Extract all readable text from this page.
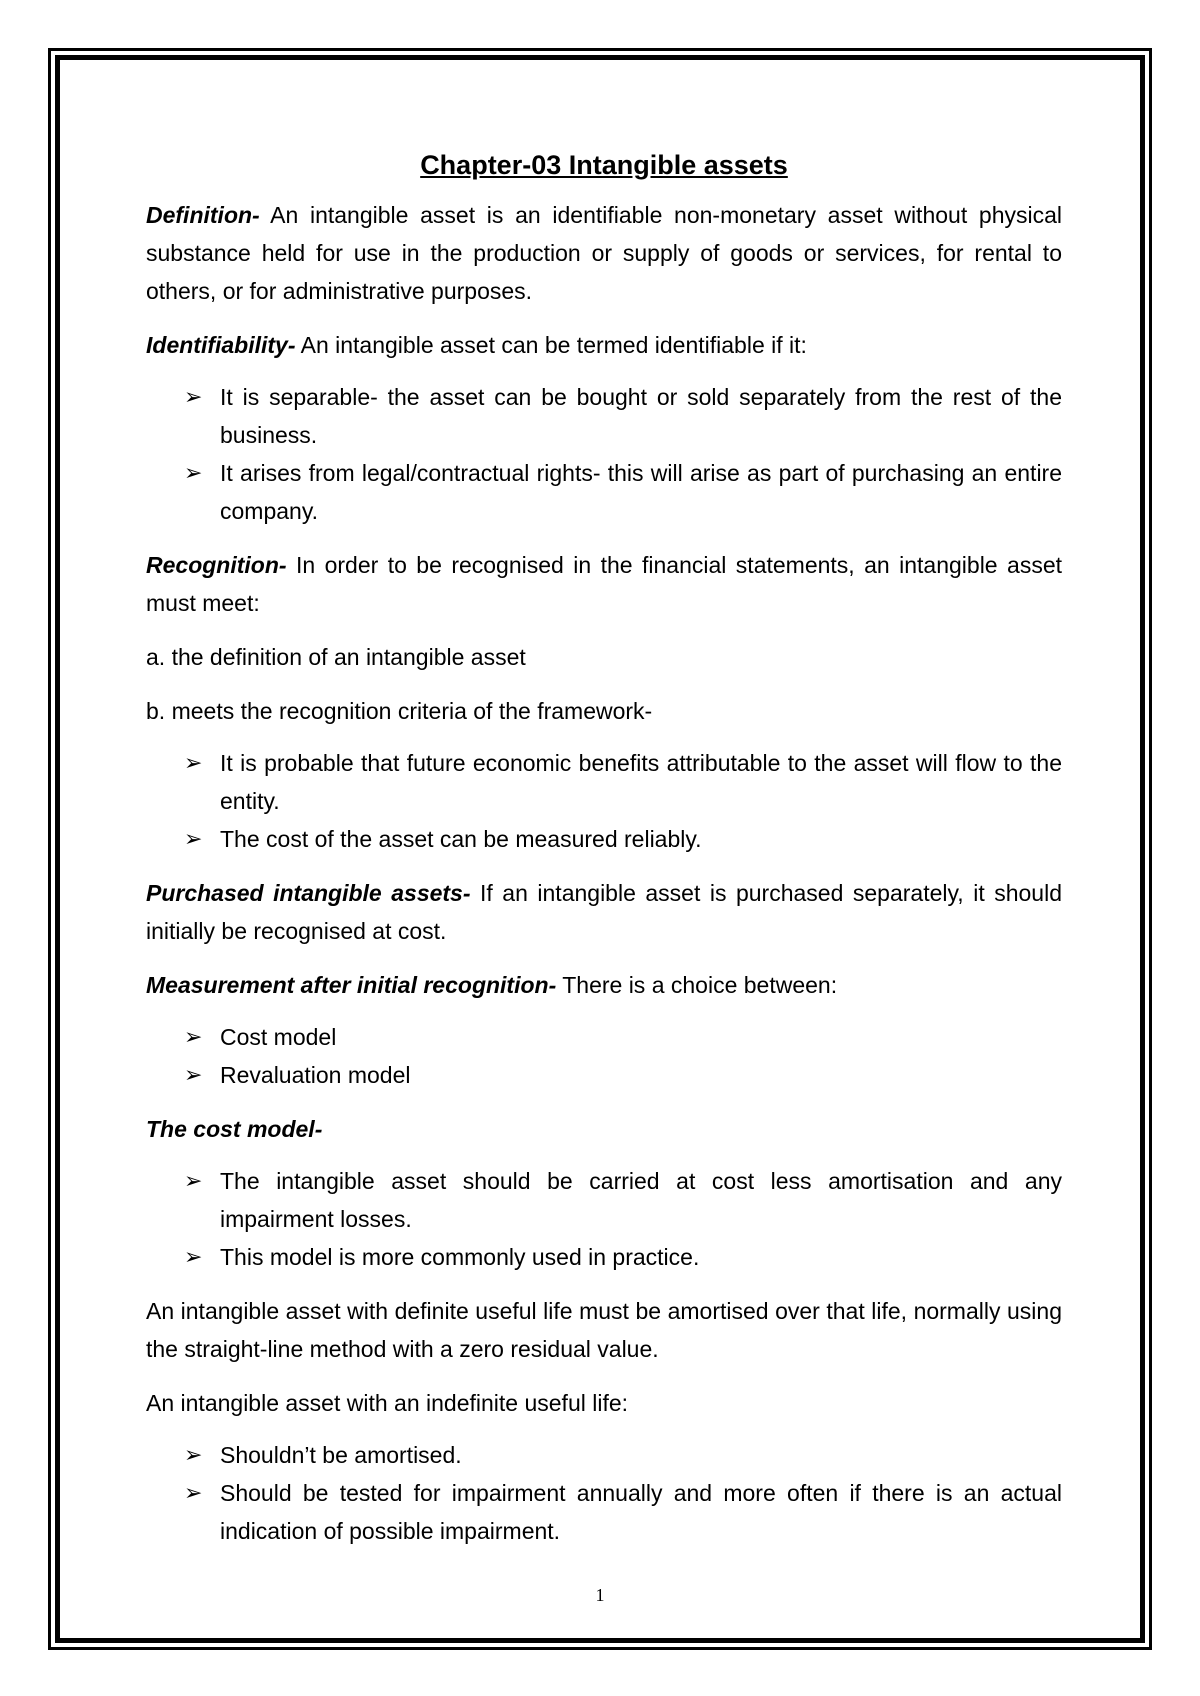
Chapter-03 Intangible assets

Definition- An intangible asset is an identifiable non-monetary asset without physical substance held for use in the production or supply of goods or services, for rental to others, or for administrative purposes.

Identifiability- An intangible asset can be termed identifiable if it:

➢ It is separable- the asset can be bought or sold separately from the rest of the business.
➢ It arises from legal/contractual rights- this will arise as part of purchasing an entire company.

Recognition- In order to be recognised in the financial statements, an intangible asset must meet:

a. the definition of an intangible asset

b. meets the recognition criteria of the framework-

➢ It is probable that future economic benefits attributable to the asset will flow to the entity.
➢ The cost of the asset can be measured reliably.

Purchased intangible assets- If an intangible asset is purchased separately, it should initially be recognised at cost.

Measurement after initial recognition- There is a choice between:

➢ Cost model
➢ Revaluation model

The cost model-

➢ The intangible asset should be carried at cost less amortisation and any impairment losses.
➢ This model is more commonly used in practice.

An intangible asset with definite useful life must be amortised over that life, normally using the straight-line method with a zero residual value.

An intangible asset with an indefinite useful life:

➢ Shouldn’t be amortised.
➢ Should be tested for impairment annually and more often if there is an actual indication of possible impairment.
1
